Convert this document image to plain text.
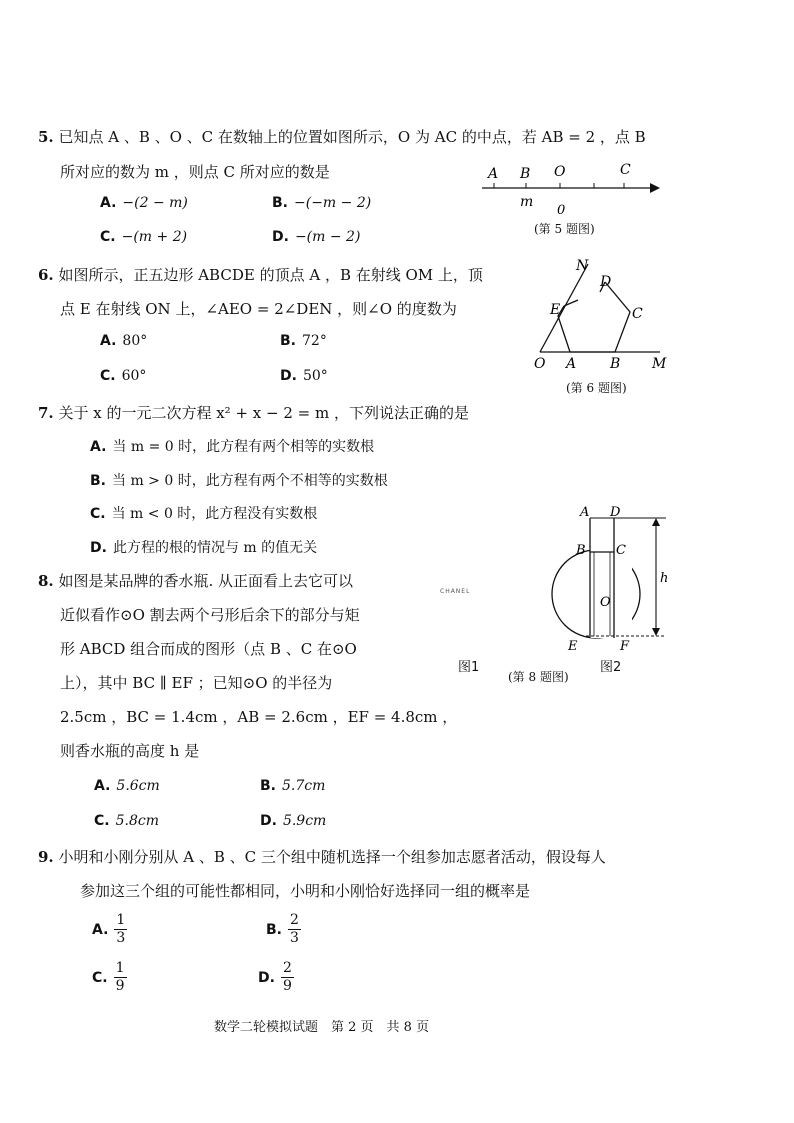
5. 已知点 A 、B 、O 、C 在数轴上的位置如图所示，O 为 AC 的中点，若 AB = 2 ，点 B
所对应的数为 m ，则点 C 所对应的数是
A. −(2 − m)	B. −(−m − 2)
C. −(m + 2)	D. −(m − 2)
A B O	C
m
0
(第 5 题图)
6. 如图所示，正五边形 ABCDE 的顶点 A ，B 在射线 OM 上，顶
点 E 在射线 ON 上，∠AEO = 2∠DEN ，则∠O 的度数为
A. 80°	B. 72°
C. 60°	D. 50°
N
D
E	C
O A B M
(第 6 题图)
7. 关于 x 的一元二次方程 x² + x − 2 = m ，下列说法正确的是
A. 当 m = 0 时，此方程有两个相等的实数根
B. 当 m > 0 时，此方程有两个不相等的实数根
C. 当 m < 0 时，此方程没有实数根
D. 此方程的根的情况与 m 的值无关
8. 如图是某品牌的香水瓶. 从正面看上去它可以
近似看作⊙O 割去两个弓形后余下的部分与矩
形 ABCD 组合而成的图形（点 B 、C 在⊙O
上），其中 BC ∥ EF ；已知⊙O 的半径为
2.5cm ，BC = 1.4cm ，AB = 2.6cm ，EF = 4.8cm ，
则香水瓶的高度 h 是
A. 5.6cm	B. 5.7cm
C. 5.8cm	D. 5.9cm
CHANEL
图1
A D
B C
O
E	F
h
图2
(第 8 题图)
9. 小明和小刚分别从 A 、B 、C 三个组中随机选择一个组参加志愿者活动，假设每人
参加这三个组的可能性都相同，小明和小刚恰好选择同一组的概率是
A. $\frac{1}{3}$	B. $\frac{2}{3}$
C. $\frac{1}{9}$	D. $\frac{2}{9}$
数学二轮模拟试题　第 2 页　共 8 页
